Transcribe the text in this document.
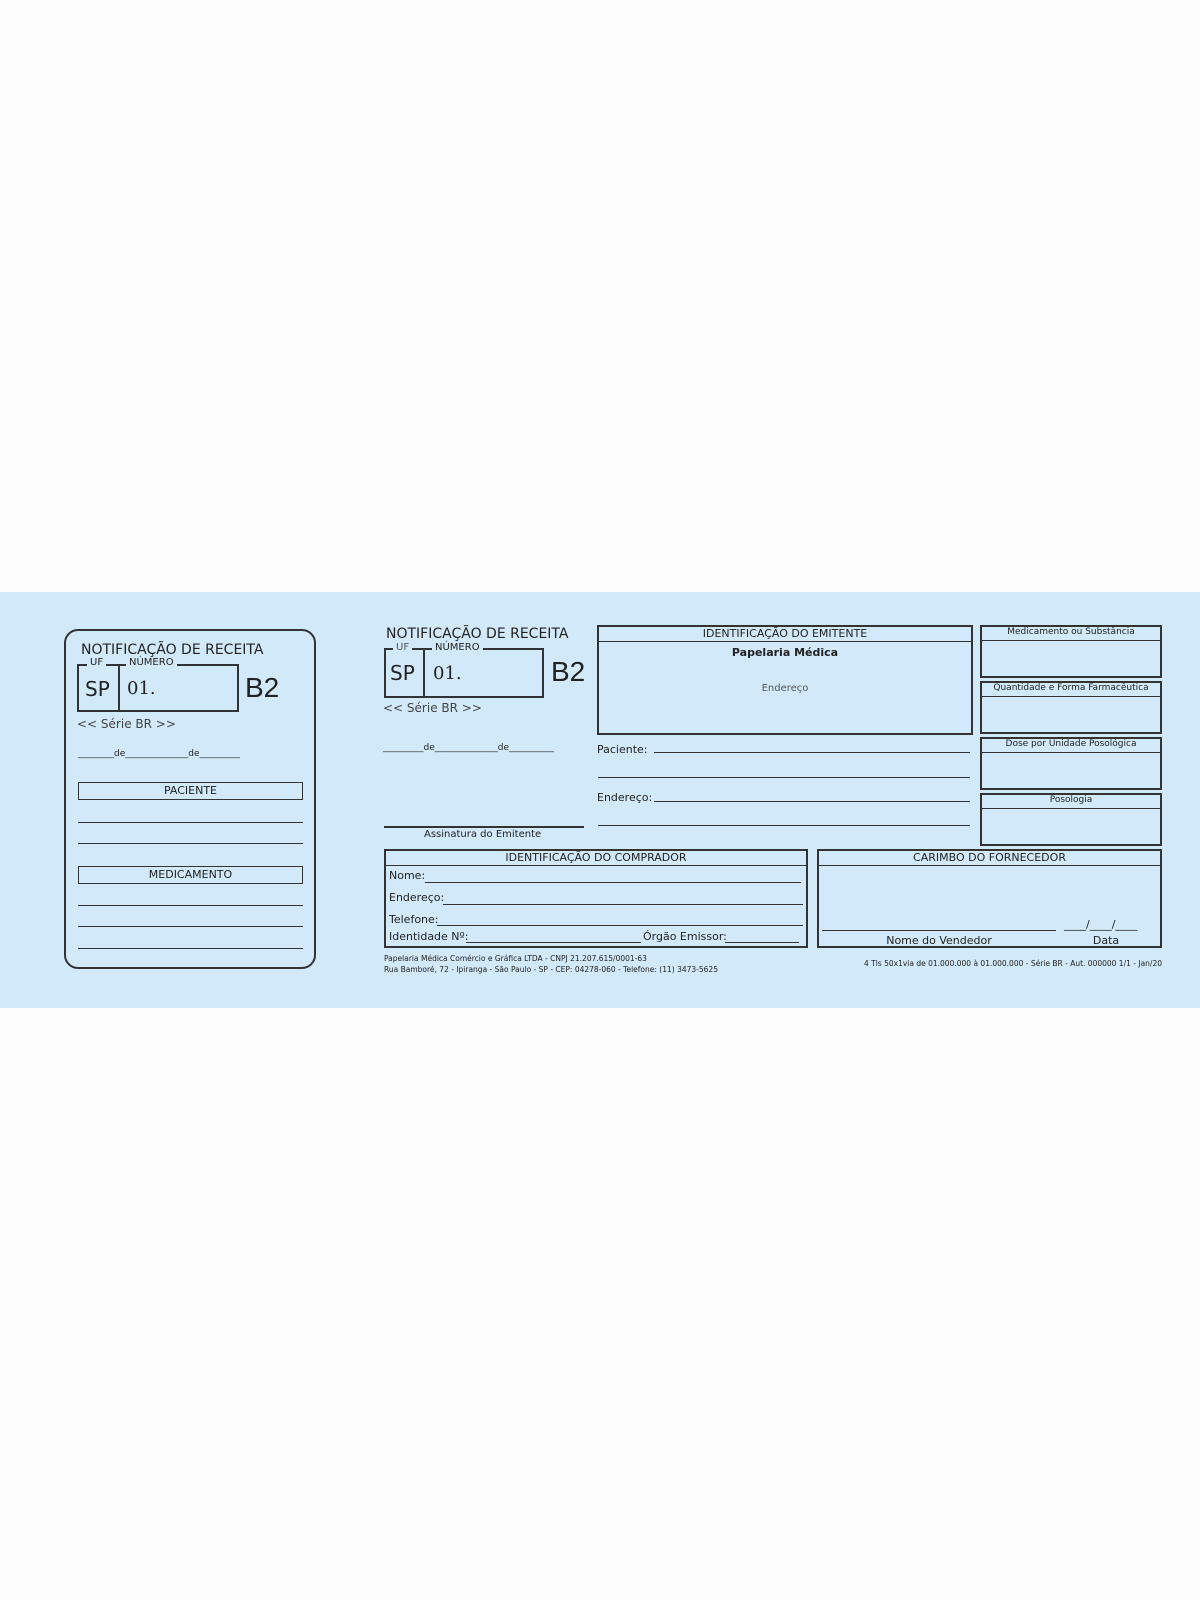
NOTIFICAÇÃO DE RECEITA
UF	NÚMERO
SP 01.	B2
<< Série BR >>
________de______________de_________
PACIENTE
MEDICAMENTO
NOTIFICAÇÃO DE RECEITA
UF	NÚMERO
SP 01.	B2
<< Série BR >>
_________de______________de__________
Assinatura do Emitente
IDENTIFICAÇÃO DO EMITENTE
Papelaria Médica
Endereço
Paciente:
Endereço:
Medicamento ou Substância
Quantidade e Forma Farmacêutica
Dose por Unidade Posológica
Posologia
IDENTIFICAÇÃO DO COMPRADOR
Nome:
Endereço:
Telefone:
Identidade Nº:	Órgão Emissor:
CARIMBO DO FORNECEDOR
Nome do Vendedor
____/____/____
Data
Papelaria Médica Comércio e Gráfica LTDA - CNPJ 21.207.615/0001-63
Rua Bamboré, 72 - Ipiranga - São Paulo - SP - CEP: 04278-060 - Telefone: (11) 3473-5625
4 Tls 50x1via de 01.000.000 à 01.000.000 - Série BR - Aut. 000000 1/1 - Jan/20
